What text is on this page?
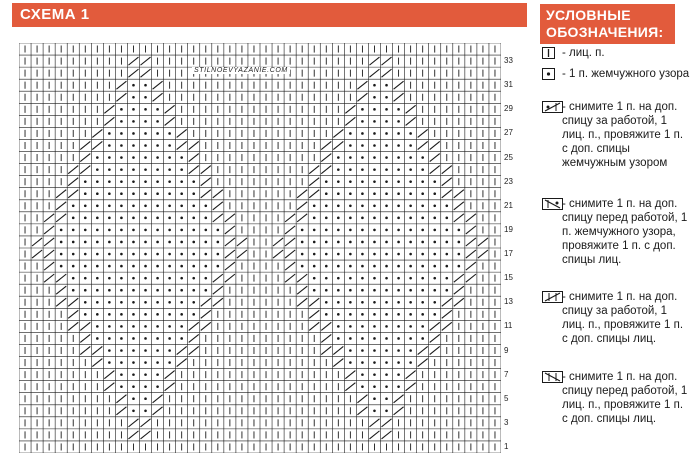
СХЕМА 1	УСЛОВНЫЕ ОБОЗНАЧЕНИЯ:
33
31
29
27
25
23
21
19
17
15
13
11
9
7
5
3
1
STILNOEVYAZANIE.COM
- лиц. п.
- 1 п. жемчужного узора
- снимите 1 п. на доп. спицу за работой, 1 лиц. п., провяжите 1 п. с доп. спицы жемчужным узором
- снимите 1 п. на доп. спицу перед работой, 1 п. жемчужного узора, провяжите 1 п. с доп. спицы лиц.
- снимите 1 п. на доп. спицу за работой, 1 лиц. п., провяжите 1 п. с доп. спицы лиц.
- снимите 1 п. на доп. спицу перед работой, 1 лиц. п., провяжите 1 п. с доп. спицы лиц.
